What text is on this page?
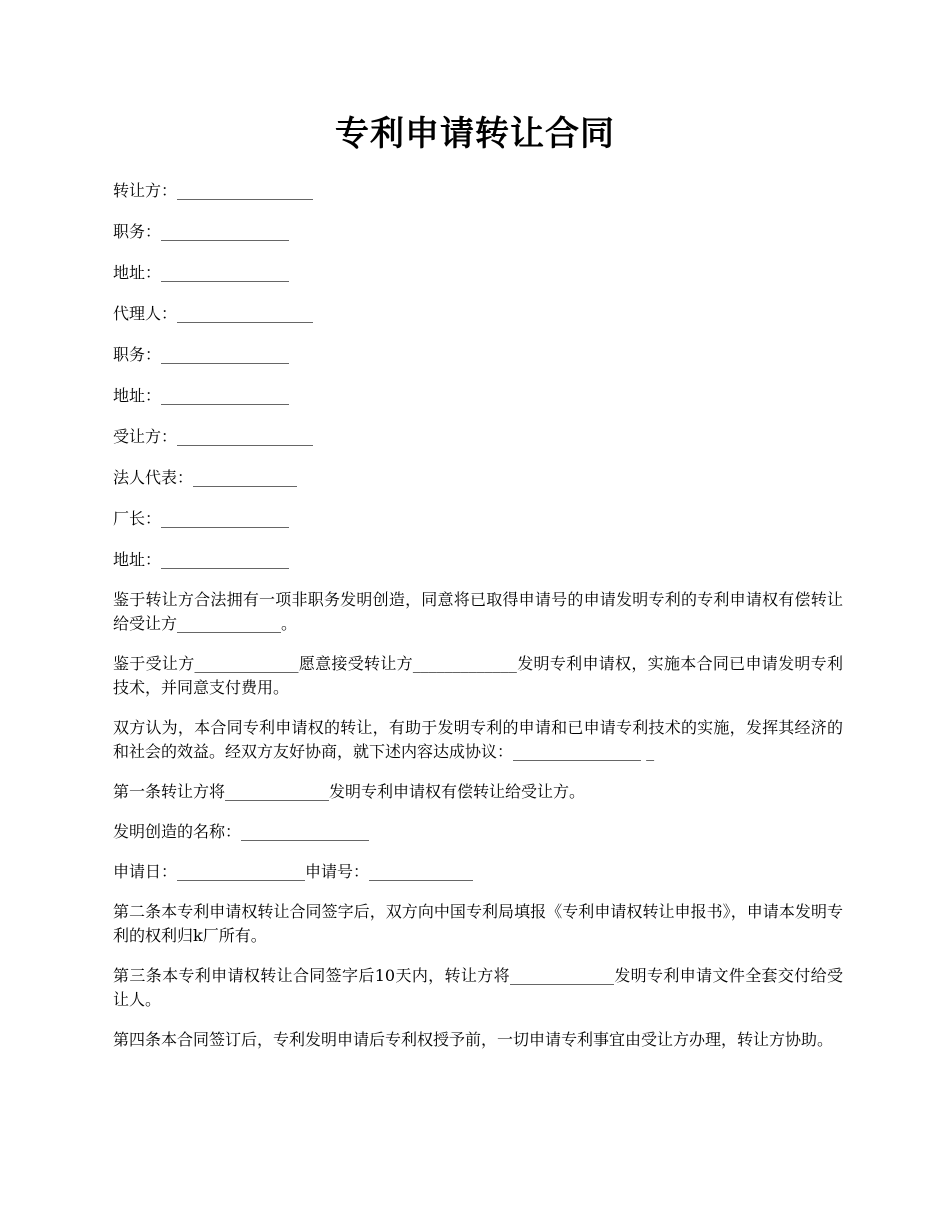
专利申请转让合同
转让方：_________________
职务：________________
地址：________________
代理人：_________________
职务：________________
地址：________________
受让方：_________________
法人代表：_____________
厂长：________________
地址：________________

鉴于转让方合法拥有一项非职务发明创造，同意将已取得申请号的申请发明专利的专利申请权有偿转让给受让方_____________。

鉴于受让方_____________愿意接受转让方_____________发明专利申请权，实施本合同已申请发明专利技术，并同意支付费用。

双方认为，本合同专利申请权的转让，有助于发明专利的申请和已申请专利技术的实施，发挥其经济的和社会的效益。经双方友好协商，就下述内容达成协议：________________ _

第一条转让方将_____________发明专利申请权有偿转让给受让方。

发明创造的名称：________________

申请日：________________申请号：_____________

第二条本专利申请权转让合同签字后，双方向中国专利局填报《专利申请权转让申报书》，申请本发明专利的权利归k厂所有。

第三条本专利申请权转让合同签字后10天内，转让方将_____________发明专利申请文件全套交付给受让人。

第四条本合同签订后，专利发明申请后专利权授予前，一切申请专利事宜由受让方办理，转让方协助。
